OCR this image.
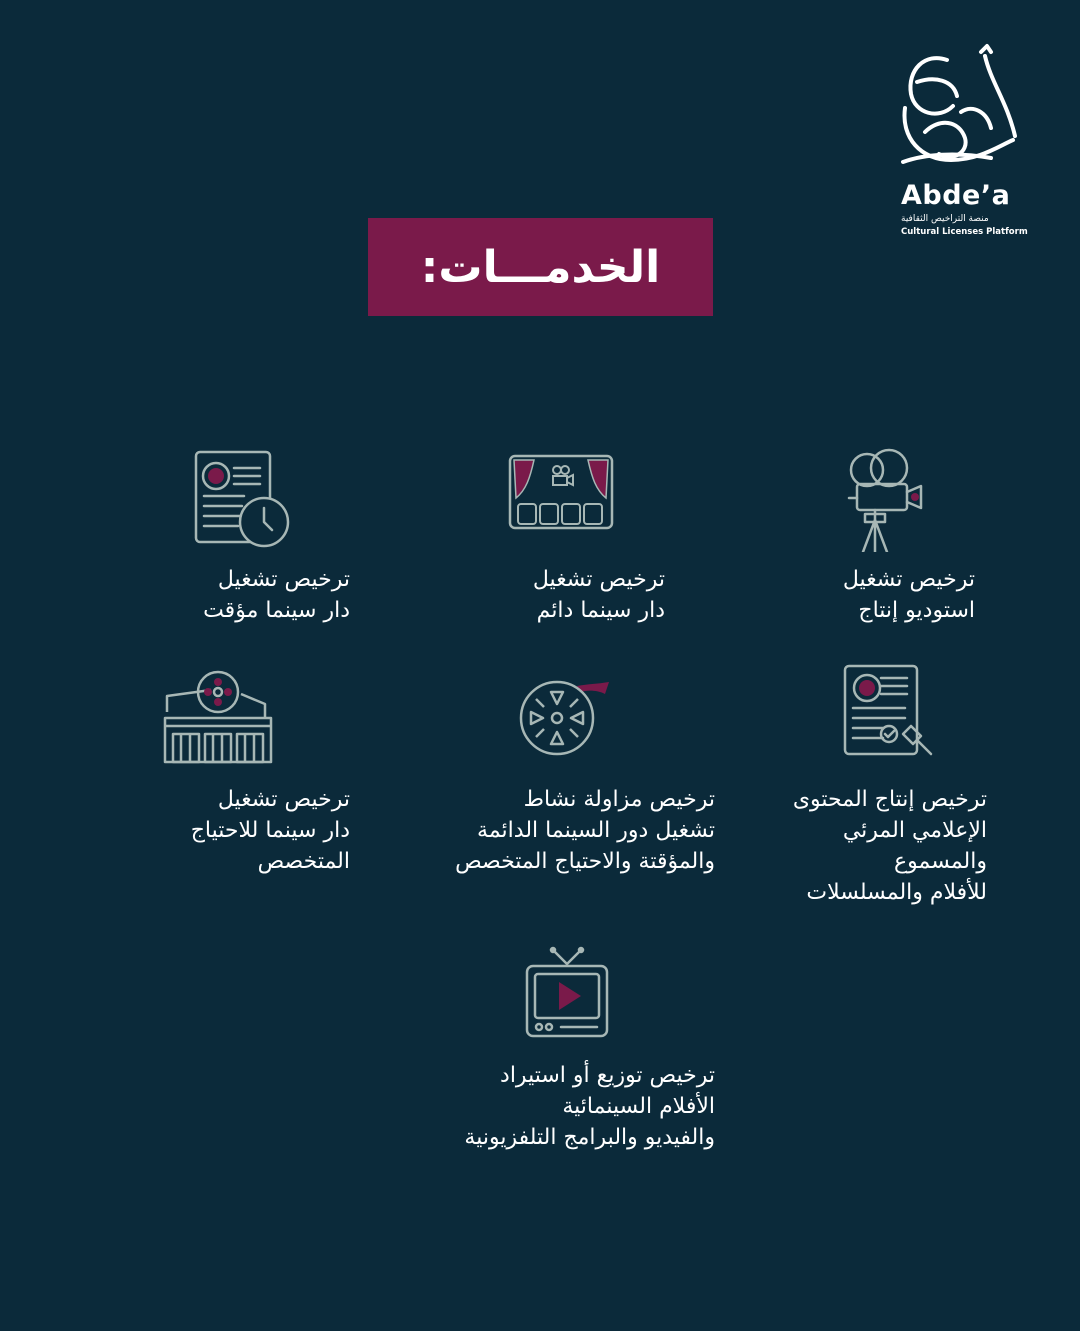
Abde’a
منصة التراخيص الثقافية
Cultural Licenses Platform
الخدمـــات:
ترخيص تشغيل
استوديو إنتاج
ترخيص تشغيل
دار سينما دائم
ترخيص تشغيل
دار سينما مؤقت
ترخيص إنتاج المحتوى
الإعلامي المرئي والمسموع
للأفلام والمسلسلات
ترخيص مزاولة نشاط
تشغيل دور السينما الدائمة
والمؤقتة والاحتياج المتخصص
ترخيص تشغيل
دار سينما للاحتياج
المتخصص
ترخيص توزيع أو استيراد
الأفلام السينمائية
والفيديو والبرامج التلفزيونية
